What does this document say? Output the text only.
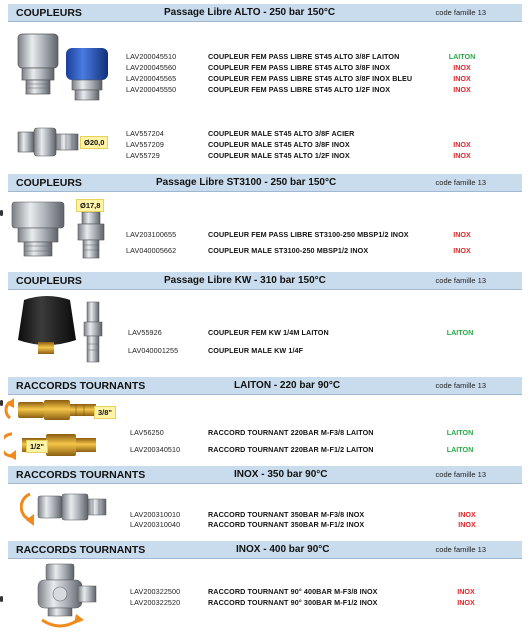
COUPLEURS	Passage Libre ALTO - 250 bar 150°C	code famille 13
LAV200045510	COUPLEUR FEM PASS LIBRE ST45 ALTO 3/8F LAITON	LAITON
LAV200045560	COUPLEUR FEM PASS LIBRE ST45 ALTO 3/8F INOX	INOX
LAV200045565	COUPLEUR FEM PASS LIBRE ST45 ALTO 3/8F INOX BLEU	INOX
LAV200045550	COUPLEUR FEM PASS LIBRE ST45 ALTO 1/2F INOX	INOX
Ø20,0
LAV557204	COUPLEUR MALE ST45 ALTO 3/8F ACIER
LAV557209	COUPLEUR MALE ST45 ALTO 3/8F INOX	INOX
LAV55729	COUPLEUR MALE ST45 ALTO 1/2F INOX	INOX
COUPLEURS	Passage Libre ST3100 - 250 bar 150°C	code famille 13
Ø17,8
LAV203100655	COUPLEUR FEM PASS LIBRE ST3100-250 MBSP1/2 INOX	INOX
LAV040005662	COUPLEUR MALE ST3100-250 MBSP1/2 INOX	INOX
COUPLEURS	Passage Libre KW - 310 bar 150°C	code famille 13
LAV55926	COUPLEUR FEM KW 1/4M LAITON	LAITON
LAV040001255	COUPLEUR MALE KW 1/4F
RACCORDS TOURNANTS	LAITON - 220 bar 90°C	code famille 13
3/8"
1/2"
LAV56250	RACCORD TOURNANT 220BAR M-F3/8 LAITON	LAITON
LAV200340510	RACCORD TOURNANT 220BAR M-F1/2 LAITON	LAITON
RACCORDS TOURNANTS	INOX - 350 bar 90°C	code famille 13
LAV200310010	RACCORD TOURNANT 350BAR M-F3/8 INOX	INOX
LAV200310040	RACCORD TOURNANT 350BAR M-F1/2 INOX	INOX
RACCORDS TOURNANTS	INOX - 400 bar 90°C	code famille 13
LAV200322500	RACCORD TOURNANT 90° 400BAR M-F3/8 INOX	INOX
LAV200322520	RACCORD TOURNANT 90° 300BAR M-F1/2 INOX	INOX
